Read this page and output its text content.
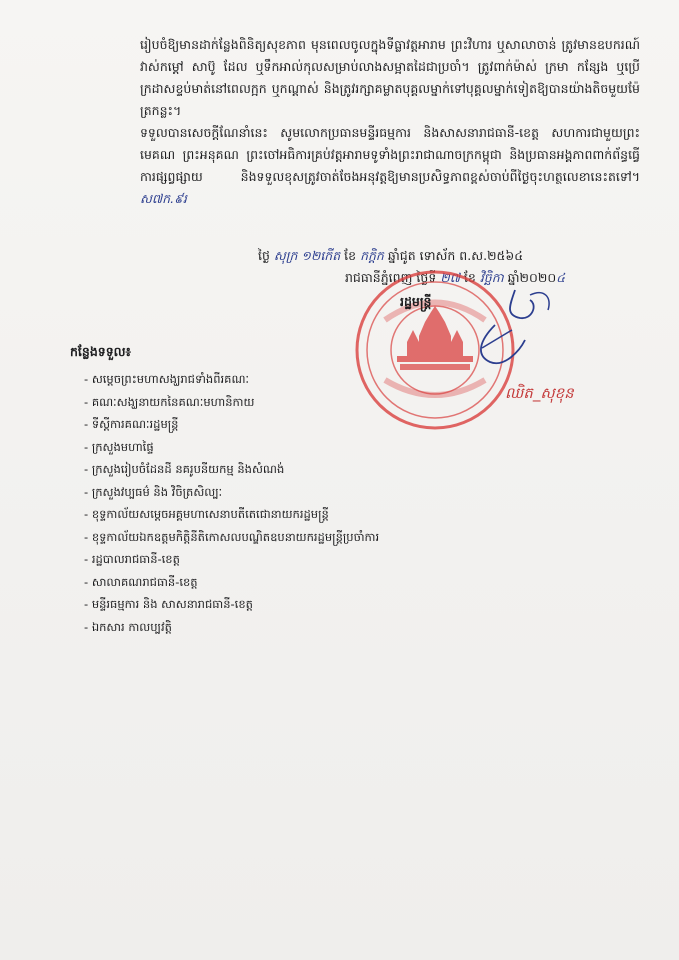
រៀបចំឱ្យមានដាក់ន្លែងពិនិត្យសុខភាព មុនពេលចូលក្នុងទីធ្លាវត្តអារាម ព្រះវិហារ ឬសាលាចាន់ ត្រូវមានឧបករណ៍វាស់កម្តៅ សាប៊ូ ដែល ឬទឹកអាល់កុលសម្រាប់លាងសម្អាតដៃជាប្រចាំ។ ត្រូវពាក់ម៉ាស់ ក្រមា កន្សែង ឬប្រើក្រដាសខ្ទប់មាត់នៅពេលក្អក ឬកណ្តាស់ និងត្រូវរក្សាគម្លាតបុគ្គលម្នាក់ទៅបុគ្គលម្នាក់ទៀតឱ្យបានយ៉ាងតិចមួយម៉ែត្រកន្លះ។

ទទួលបានសេចក្តីណែនាំនេះ សូមលោកប្រធានមន្ទីរធម្មការ និងសាសនារាជធានី-ខេត្ត សហការជាមួយព្រះមេគណ ព្រះអនុគណ ព្រះចៅអធិការគ្រប់វត្តអារាមទូទាំងព្រះរាជាណាចក្រកម្ពុជា និងប្រធានអង្គភាពពាក់ព័ន្ធធ្វើការផ្សព្វផ្សាយ និងទទួលខុសត្រូវចាត់ចែងអនុវត្តឱ្យមានប្រសិទ្ធភាពខ្ពស់ចាប់ពីថ្ងៃចុះហត្ថលេខានេះតទៅ។ ស៧ក.៩រ

ថ្ងៃ សុក្រ ១២កើត ខែ កក្តិក ឆ្នាំជូត ទោស័ក ព.ស.២៥៦៤
រាជធានីភ្នំពេញ ថ្ងៃទី ២៧ ខែ វិច្ឆិកា ឆ្នាំ២០២០៤
រដ្ឋមន្ត្រី
ឈិត_សុខុន
កន្លែងទទួល៖
- សម្តេចព្រះមហាសង្ឃរាជទាំងពីរគណៈ
- គណៈសង្ឃនាយកនៃគណៈមហានិកាយ
- ទីស្តីការគណៈរដ្ឋមន្ត្រី
- ក្រសួងមហាផ្ទៃ
- ក្រសួងរៀបចំដែនដី នគរូបនីយកម្ម និងសំណង់
- ក្រសួងវប្បធម៌ និង វិចិត្រសិល្បៈ
- ខុទ្ទកាល័យសម្តេចអគ្គមហាសេនាបតីតេជោនាយករដ្ឋមន្ត្រី
- ខុទ្ទកាល័យឯកឧត្តមកិត្តិនីតិកោសលបណ្ឌិតឧបនាយករដ្ឋមន្ត្រីប្រចាំការ
- រដ្ឋបាលរាជធានី-ខេត្ត
- សាលាគណរាជធានី-ខេត្ត
- មន្ទីរធម្មការ និង សាសនារាជធានី-ខេត្ត
- ឯកសារ កាលប្បវត្តិ
